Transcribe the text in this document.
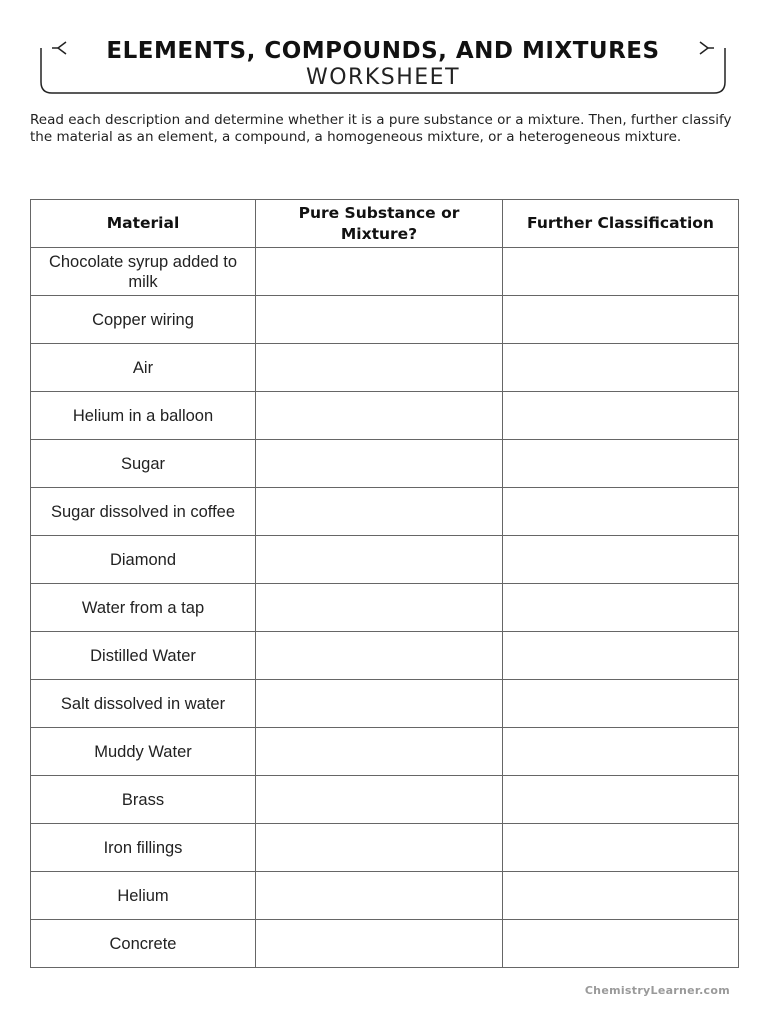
ELEMENTS, COMPOUNDS, AND MIXTURES
WORKSHEET

Read each description and determine whether it is a pure substance or a mixture. Then, further classify the material as an element, a compound, a homogeneous mixture, or a heterogeneous mixture.

Material	Pure Substance or Mixture?	Further Classification
Chocolate syrup added to milk		
Copper wiring		
Air		
Helium in a balloon		
Sugar		
Sugar dissolved in coffee		
Diamond		
Water from a tap		
Distilled Water		
Salt dissolved in water		
Muddy Water		
Brass		
Iron fillings		
Helium		
Concrete		
ChemistryLearner.com
